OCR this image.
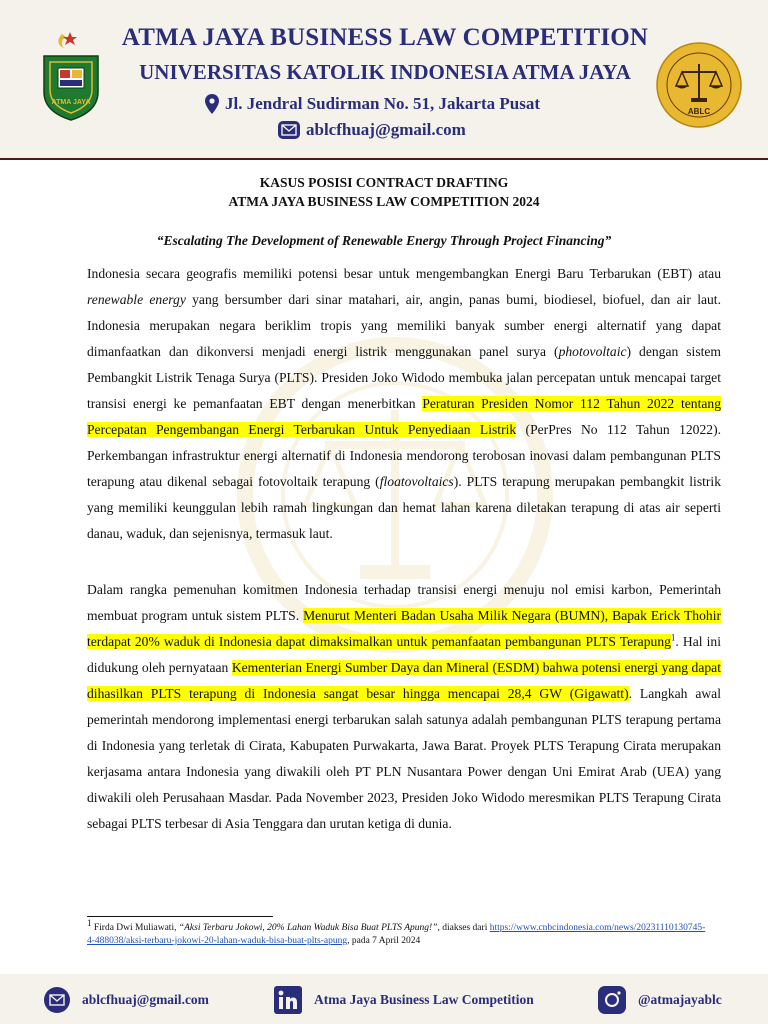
ATMA JAYA
ATMA JAYA BUSINESS LAW COMPETITION
UNIVERSITAS KATOLIK INDONESIA ATMA JAYA
Jl. Jendral Sudirman No. 51, Jakarta Pusat
ablcfhuaj@gmail.com
ABLC
KASUS POSISI CONTRACT DRAFTING
ATMA JAYA BUSINESS LAW COMPETITION 2024
“Escalating The Development of Renewable Energy Through Project Financing”
Indonesia secara geografis memiliki potensi besar untuk mengembangkan Energi Baru Terbarukan (EBT) atau renewable energy yang bersumber dari sinar matahari, air, angin, panas bumi, biodiesel, biofuel, dan air laut. Indonesia merupakan negara beriklim tropis yang memiliki banyak sumber energi alternatif yang dapat dimanfaatkan dan dikonversi menjadi energi listrik menggunakan panel surya (photovoltaic) dengan sistem Pembangkit Listrik Tenaga Surya (PLTS). Presiden Joko Widodo membuka jalan percepatan untuk mencapai target transisi energi ke pemanfaatan EBT dengan menerbitkan Peraturan Presiden Nomor 112 Tahun 2022 tentang Percepatan Pengembangan Energi Terbarukan Untuk Penyediaan Listrik (PerPres No 112 Tahun 12022). Perkembangan infrastruktur energi alternatif di Indonesia mendorong terobosan inovasi dalam pembangunan PLTS terapung atau dikenal sebagai fotovoltaik terapung (floatovoltaics). PLTS terapung merupakan pembangkit listrik yang memiliki keunggulan lebih ramah lingkungan dan hemat lahan karena diletakan terapung di atas air seperti danau, waduk, dan sejenisnya, termasuk laut.
Dalam rangka pemenuhan komitmen Indonesia terhadap transisi energi menuju nol emisi karbon, Pemerintah membuat program untuk sistem PLTS. Menurut Menteri Badan Usaha Milik Negara (BUMN), Bapak Erick Thohir terdapat 20% waduk di Indonesia dapat dimaksimalkan untuk pemanfaatan pembangunan PLTS Terapung$^1$. Hal ini didukung oleh pernyataan Kementerian Energi Sumber Daya dan Mineral (ESDM) bahwa potensi energi yang dapat dihasilkan PLTS terapung di Indonesia sangat besar hingga mencapai 28,4 GW (Gigawatt). Langkah awal pemerintah mendorong implementasi energi terbarukan salah satunya adalah pembangunan PLTS terapung pertama di Indonesia yang terletak di Cirata, Kabupaten Purwakarta, Jawa Barat. Proyek PLTS Terapung Cirata merupakan kerjasama antara Indonesia yang diwakili oleh PT PLN Nusantara Power dengan Uni Emirat Arab (UEA) yang diwakili oleh Perusahaan Masdar. Pada November 2023, Presiden Joko Widodo meresmikan PLTS Terapung Cirata sebagai PLTS terbesar di Asia Tenggara dan urutan ketiga di dunia.
$^1$ Firda Dwi Muliawati, “Aksi Terbaru Jokowi, 20% Lahan Waduk Bisa Buat PLTS Apung!”, diakses dari https://www.cnbcindonesia.com/news/20231110130745-4-488038/aksi-terbaru-jokowi-20-lahan-waduk-bisa-buat-plts-apung, pada 7 April 2024
ablcfhuaj@gmail.com	Atma Jaya Business Law Competition	@atmajayablc
